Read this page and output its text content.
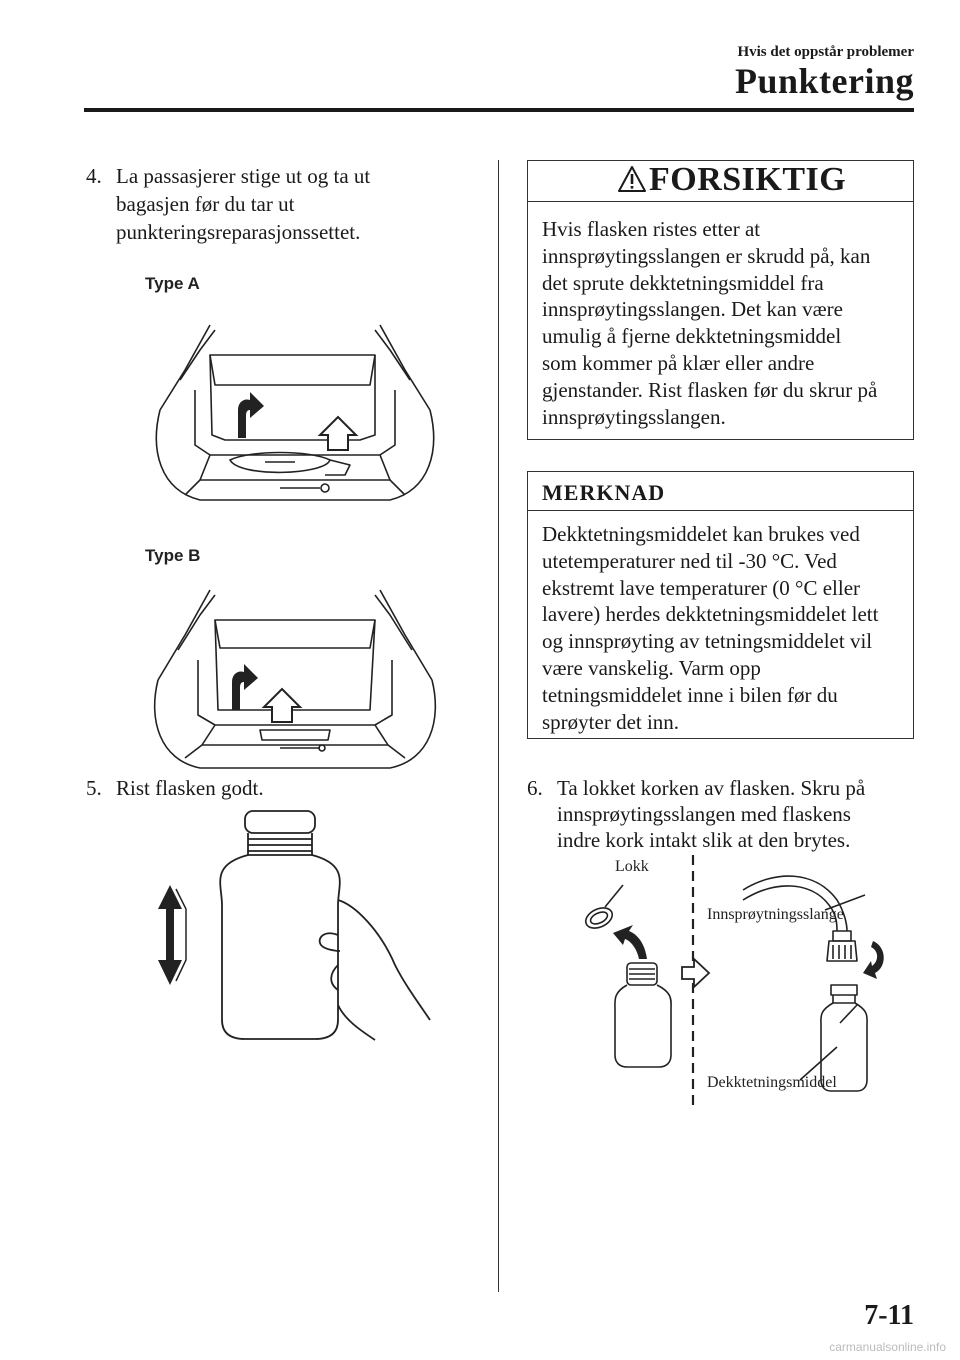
Hvis det oppstår problemer
Punktering
4. La passasjerer stige ut og ta ut
bagasjen før du tar ut
punkteringsreparasjonssettet.
Type A
Type B
5. Rist flasken godt.
FORSIKTIG
Hvis flasken ristes etter at
innsprøytingsslangen er skrudd på, kan
det sprute dekktetningsmiddel fra
innsprøytingsslangen. Det kan være
umulig å fjerne dekktetningsmiddel
som kommer på klær eller andre
gjenstander. Rist flasken før du skrur på
innsprøytingsslangen.
MERKNAD
Dekktetningsmiddelet kan brukes ved
utetemperaturer ned til -30 °C. Ved
ekstremt lave temperaturer (0 °C eller
lavere) herdes dekktetningsmiddelet lett
og innsprøyting av tetningsmiddelet vil
være vanskelig. Varm opp
tetningsmiddelet inne i bilen før du
sprøyter det inn.
6. Ta lokket korken av flasken. Skru på
innsprøytingsslangen med flaskens
indre kork intakt slik at den brytes.
Lokk
Innsprøytningsslange
Dekktetningsmiddel
7-11
carmanualsonline.info
